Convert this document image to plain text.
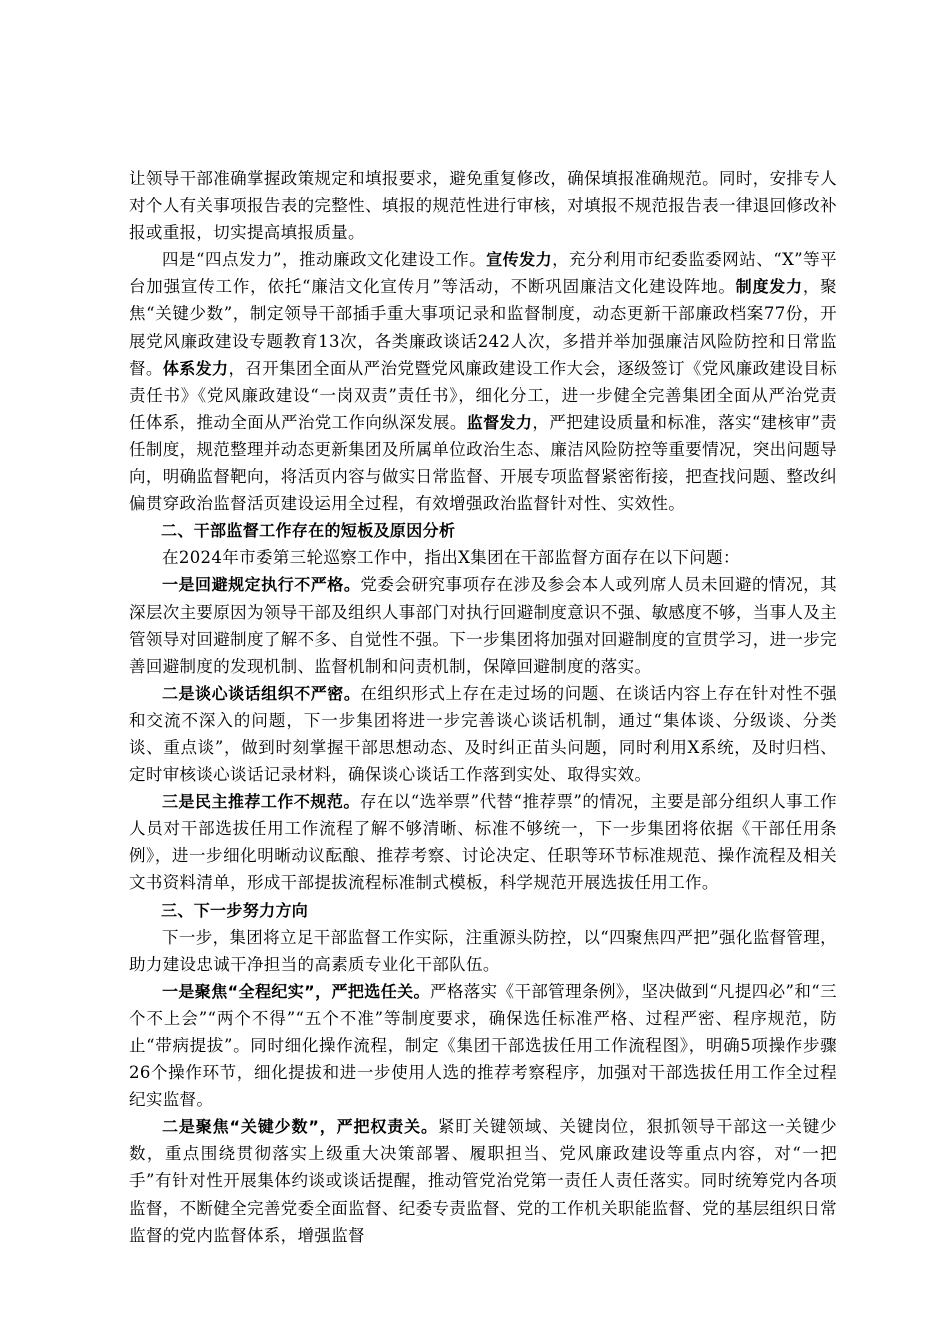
让领导干部准确掌握政策规定和填报要求，避免重复修改，确保填报准确规范。同时，安排专人对个人有关事项报告表的完整性、填报的规范性进行审核，对填报不规范报告表一律退回修改补报或重报，切实提高填报质量。

四是“四点发力”，推动廉政文化建设工作。宣传发力，充分利用市纪委监委网站、“X”等平台加强宣传工作，依托“廉洁文化宣传月”等活动，不断巩固廉洁文化建设阵地。制度发力，聚焦“关键少数”，制定领导干部插手重大事项记录和监督制度，动态更新干部廉政档案77份，开展党风廉政建设专题教育13次，各类廉政谈话242人次，多措并举加强廉洁风险防控和日常监督。体系发力，召开集团全面从严治党暨党风廉政建设工作大会，逐级签订《党风廉政建设目标责任书》《党风廉政建设“一岗双责”责任书》，细化分工，进一步健全完善集团全面从严治党责任体系，推动全面从严治党工作向纵深发展。监督发力，严把建设质量和标准，落实“建核审”责任制度，规范整理并动态更新集团及所属单位政治生态、廉洁风险防控等重要情况，突出问题导向，明确监督靶向，将活页内容与做实日常监督、开展专项监督紧密衔接，把查找问题、整改纠偏贯穿政治监督活页建设运用全过程，有效增强政治监督针对性、实效性。

二、干部监督工作存在的短板及原因分析

在2024年市委第三轮巡察工作中，指出X集团在干部监督方面存在以下问题：

一是回避规定执行不严格。党委会研究事项存在涉及参会本人或列席人员未回避的情况，其深层次主要原因为领导干部及组织人事部门对执行回避制度意识不强、敏感度不够，当事人及主管领导对回避制度了解不多、自觉性不强。下一步集团将加强对回避制度的宣贯学习，进一步完善回避制度的发现机制、监督机制和问责机制，保障回避制度的落实。

二是谈心谈话组织不严密。在组织形式上存在走过场的问题、在谈话内容上存在针对性不强和交流不深入的问题，下一步集团将进一步完善谈心谈话机制，通过“集体谈、分级谈、分类谈、重点谈”，做到时刻掌握干部思想动态、及时纠正苗头问题，同时利用X系统，及时归档、定时审核谈心谈话记录材料，确保谈心谈话工作落到实处、取得实效。

三是民主推荐工作不规范。存在以“选举票”代替“推荐票”的情况，主要是部分组织人事工作人员对干部选拔任用工作流程了解不够清晰、标准不够统一，下一步集团将依据《干部任用条例》，进一步细化明晰动议酝酿、推荐考察、讨论决定、任职等环节标准规范、操作流程及相关文书资料清单，形成干部提拔流程标准制式模板，科学规范开展选拔任用工作。

三、下一步努力方向

下一步，集团将立足干部监督工作实际，注重源头防控，以“四聚焦四严把”强化监督管理，助力建设忠诚干净担当的高素质专业化干部队伍。

一是聚焦“全程纪实”，严把选任关。严格落实《干部管理条例》，坚决做到“凡提四必”和“三个不上会”“两个不得”“五个不准”等制度要求，确保选任标准严格、过程严密、程序规范，防止“带病提拔”。同时细化操作流程，制定《集团干部选拔任用工作流程图》，明确5项操作步骤26个操作环节，细化提拔和进一步使用人选的推荐考察程序，加强对干部选拔任用工作全过程纪实监督。

二是聚焦“关键少数”，严把权责关。紧盯关键领域、关键岗位，狠抓领导干部这一关键少数，重点围绕贯彻落实上级重大决策部署、履职担当、党风廉政建设等重点内容，对“一把手”有针对性开展集体约谈或谈话提醒，推动管党治党第一责任人责任落实。同时统筹党内各项监督，不断健全完善党委全面监督、纪委专责监督、党的工作机关职能监督、党的基层组织日常监督的党内监督体系，增强监督
